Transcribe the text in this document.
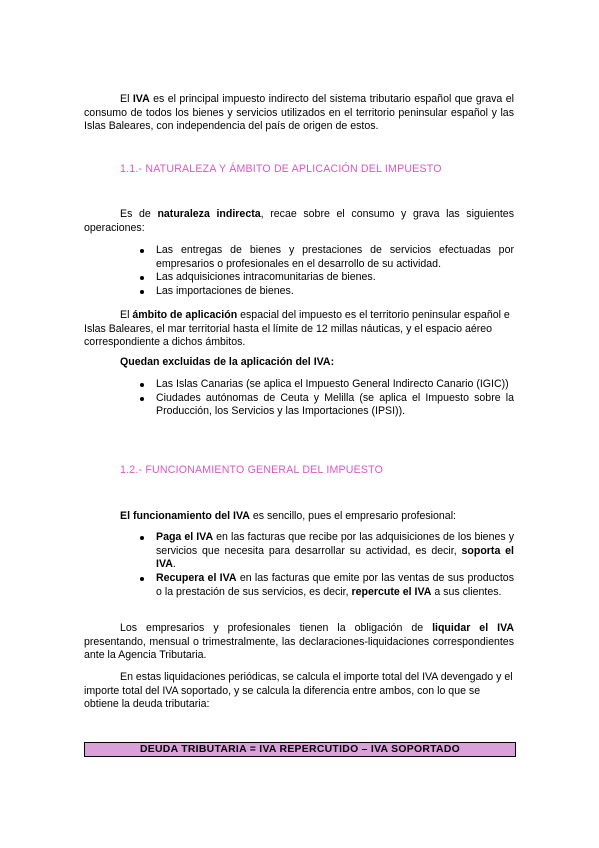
El IVA es el principal impuesto indirecto del sistema tributario español que grava el consumo de todos los bienes y servicios utilizados en el territorio peninsular español y las Islas Baleares, con independencia del país de origen de estos.

1.1.- NATURALEZA Y ÁMBITO DE APLICACIÓN DEL IMPUESTO

Es de naturaleza indirecta, recae sobre el consumo y grava las siguientes operaciones:

Las entregas de bienes y prestaciones de servicios efectuadas por empresarios o profesionales en el desarrollo de su actividad.
Las adquisiciones intracomunitarias de bienes.
Las importaciones de bienes.

El ámbito de aplicación espacial del impuesto es el territorio peninsular español e Islas Baleares, el mar territorial hasta el límite de 12 millas náuticas, y el espacio aéreo correspondiente a dichos ámbitos.

Quedan excluidas de la aplicación del IVA:

Las Islas Canarias (se aplica el Impuesto General Indirecto Canario (IGIC))
Ciudades autónomas de Ceuta y Melilla (se aplica el Impuesto sobre la Producción, los Servicios y las Importaciones (IPSI)).
1.2.- FUNCIONAMIENTO GENERAL DEL IMPUESTO

El funcionamiento del IVA es sencillo, pues el empresario profesional:

Paga el IVA en las facturas que recibe por las adquisiciones de los bienes y servicios que necesita para desarrollar su actividad, es decir, soporta el IVA.
Recupera el IVA en las facturas que emite por las ventas de sus productos o la prestación de sus servicios, es decir, repercute el IVA a sus clientes.

Los empresarios y profesionales tienen la obligación de liquidar el IVA presentando, mensual o trimestralmente, las declaraciones-liquidaciones correspondientes ante la Agencia Tributaria.

En estas liquidaciones periódicas, se calcula el importe total del IVA devengado y el importe total del IVA soportado, y se calcula la diferencia entre ambos, con lo que se obtiene la deuda tributaria:

DEUDA TRIBUTARIA = IVA REPERCUTIDO – IVA SOPORTADO
